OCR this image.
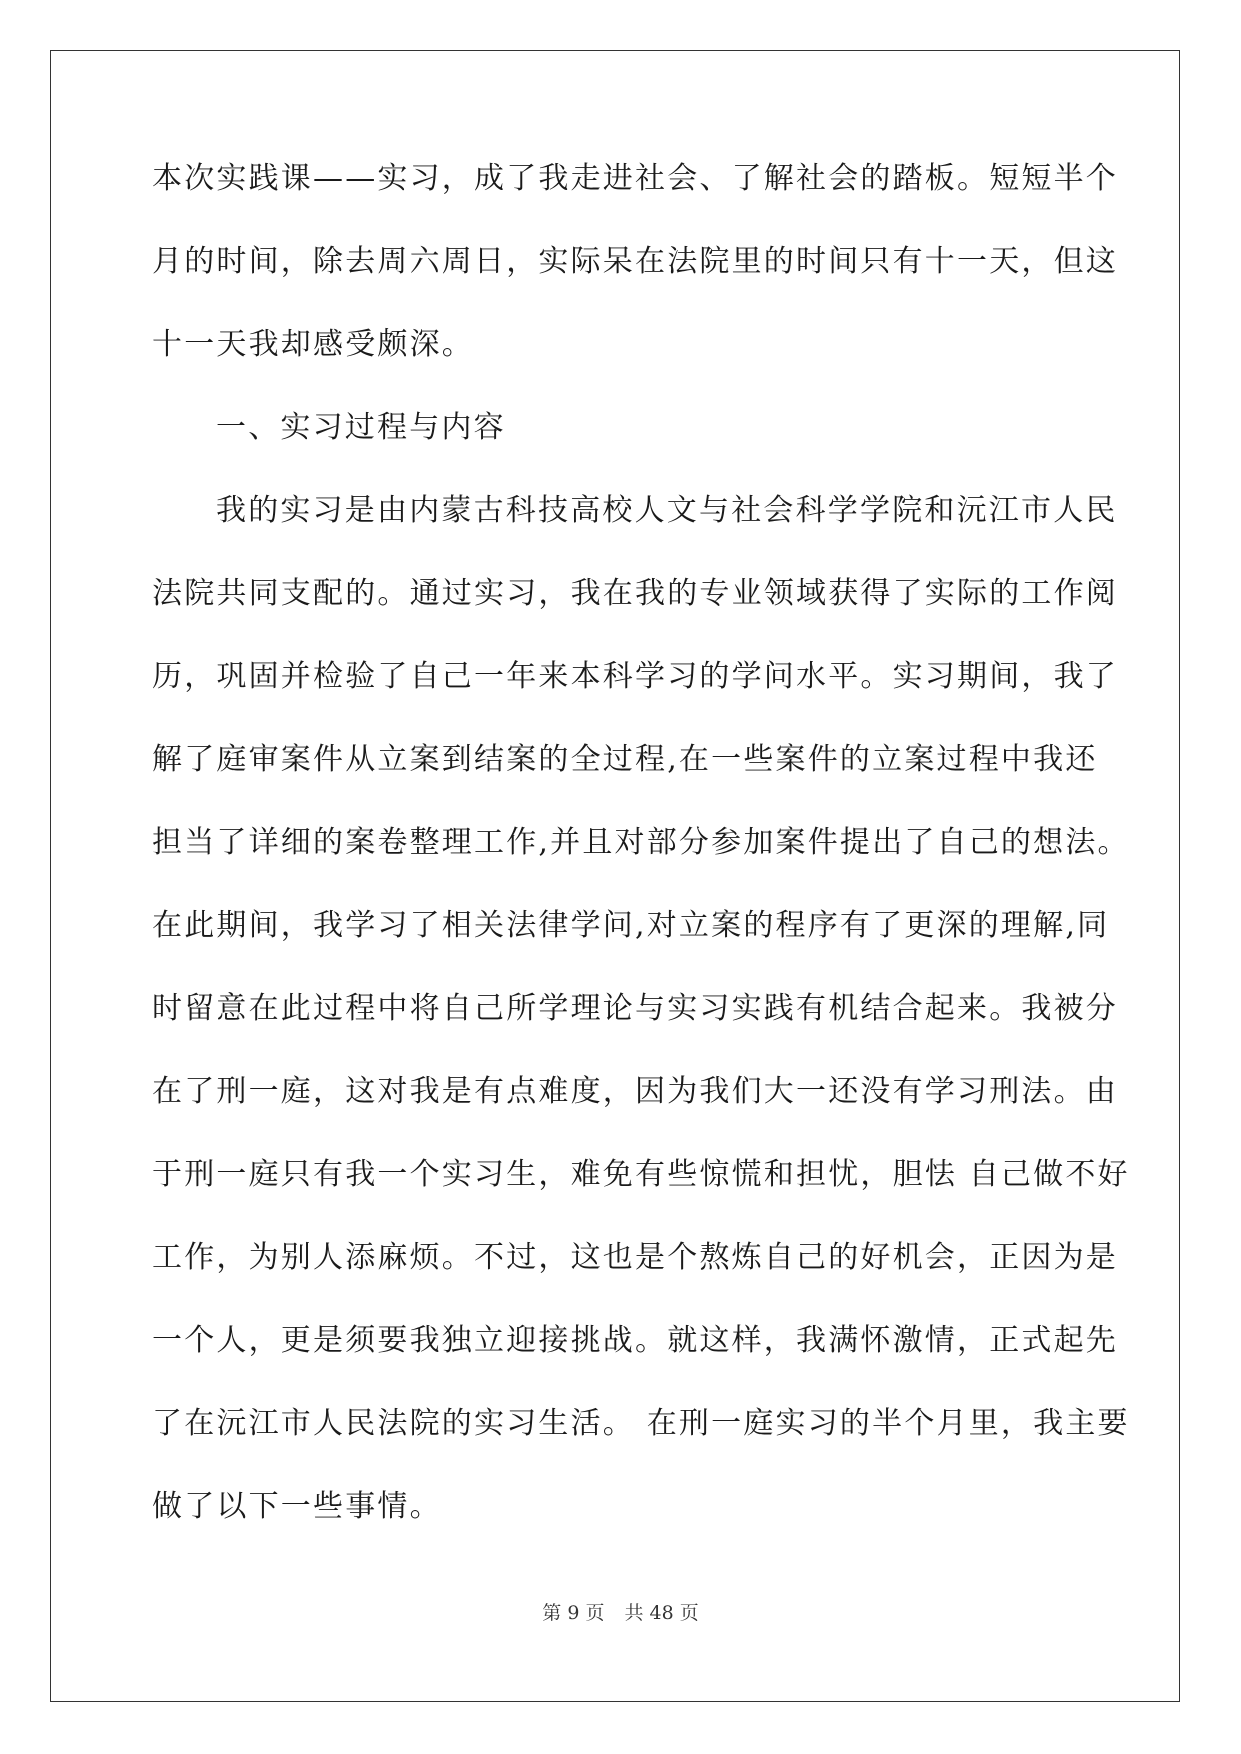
本次实践课——实习，成了我走进社会、了解社会的踏板。短短半个
月的时间，除去周六周日，实际呆在法院里的时间只有十一天，但这
十一天我却感受颇深。
一、实习过程与内容
我的实习是由内蒙古科技高校人文与社会科学学院和沅江市人民
法院共同支配的。通过实习，我在我的专业领域获得了实际的工作阅
历，巩固并检验了自己一年来本科学习的学问水平。实习期间，我了
解了庭审案件从立案到结案的全过程,在一些案件的立案过程中我还
担当了详细的案卷整理工作,并且对部分参加案件提出了自己的想法。
在此期间，我学习了相关法律学问,对立案的程序有了更深的理解,同
时留意在此过程中将自己所学理论与实习实践有机结合起来。我被分
在了刑一庭，这对我是有点难度，因为我们大一还没有学习刑法。由
于刑一庭只有我一个实习生，难免有些惊慌和担忧，胆怯 自己做不好
工作，为别人添麻烦。不过，这也是个熬炼自己的好机会，正因为是
一个人，更是须要我独立迎接挑战。就这样，我满怀激情，正式起先
了在沅江市人民法院的实习生活。 在刑一庭实习的半个月里，我主要
做了以下一些事情。
第 9 页 共 48 页
